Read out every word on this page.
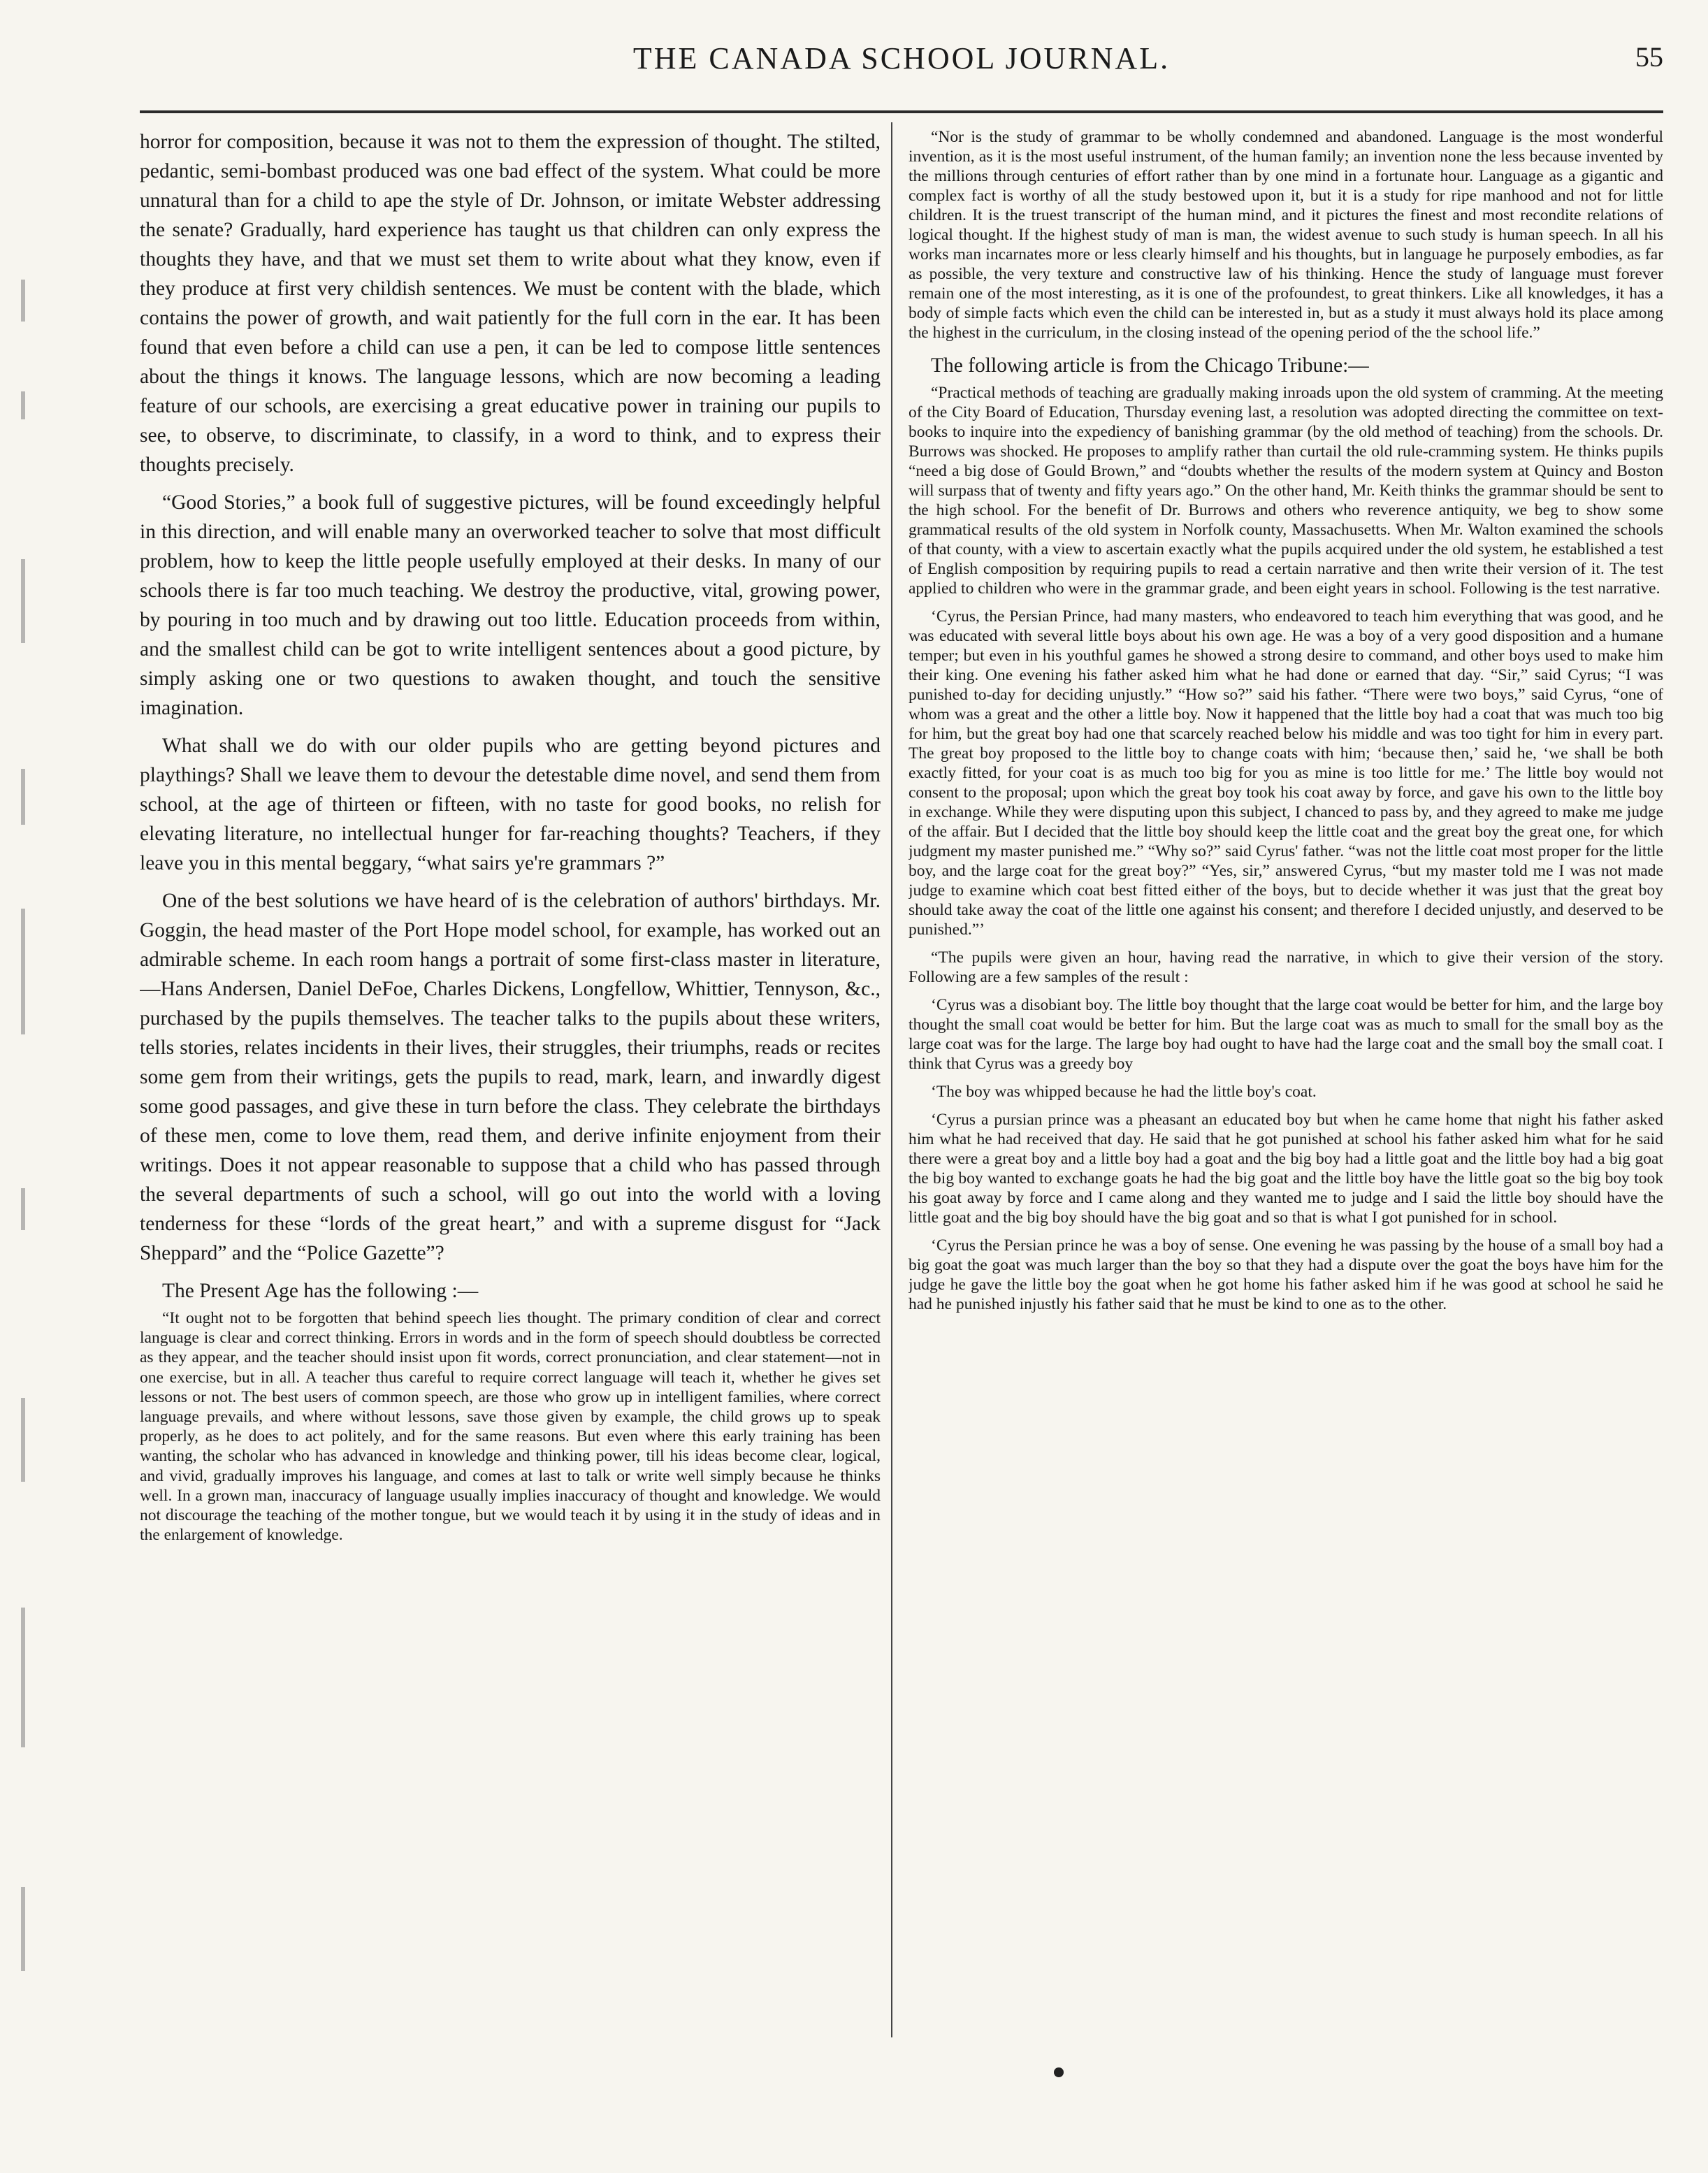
THE CANADA SCHOOL JOURNAL.	55

horror for composition, because it was not to them the expression of thought. The stilted, pedantic, semi-bombast produced was one bad effect of the system. What could be more unnatural than for a child to ape the style of Dr. Johnson, or imitate Webster addressing the senate? Gradually, hard experience has taught us that children can only express the thoughts they have, and that we must set them to write about what they know, even if they produce at first very childish sentences. We must be content with the blade, which contains the power of growth, and wait patiently for the full corn in the ear. It has been found that even before a child can use a pen, it can be led to compose little sentences about the things it knows. The language lessons, which are now becoming a leading feature of our schools, are exercising a great educative power in training our pupils to see, to observe, to discriminate, to classify, in a word to think, and to express their thoughts precisely.

“Good Stories,” a book full of suggestive pictures, will be found exceedingly helpful in this direction, and will enable many an overworked teacher to solve that most difficult problem, how to keep the little people usefully employed at their desks. In many of our schools there is far too much teaching. We destroy the productive, vital, growing power, by pouring in too much and by drawing out too little. Education proceeds from within, and the smallest child can be got to write intelligent sentences about a good picture, by simply asking one or two questions to awaken thought, and touch the sensitive imagination.

What shall we do with our older pupils who are getting beyond pictures and playthings? Shall we leave them to devour the detestable dime novel, and send them from school, at the age of thirteen or fifteen, with no taste for good books, no relish for elevating literature, no intellectual hunger for far-reaching thoughts? Teachers, if they leave you in this mental beggary, “what sairs ye're grammars ?”

One of the best solutions we have heard of is the celebration of authors' birthdays. Mr. Goggin, the head master of the Port Hope model school, for example, has worked out an admirable scheme. In each room hangs a portrait of some first-class master in literature,—Hans Andersen, Daniel DeFoe, Charles Dickens, Longfellow, Whittier, Tennyson, &c., purchased by the pupils themselves. The teacher talks to the pupils about these writers, tells stories, relates incidents in their lives, their struggles, their triumphs, reads or recites some gem from their writings, gets the pupils to read, mark, learn, and inwardly digest some good passages, and give these in turn before the class. They celebrate the birthdays of these men, come to love them, read them, and derive infinite enjoyment from their writings. Does it not appear reasonable to suppose that a child who has passed through the several departments of such a school, will go out into the world with a loving tenderness for these “lords of the great heart,” and with a supreme disgust for “Jack Sheppard” and the “Police Gazette”?

The Present Age has the following :—

“It ought not to be forgotten that behind speech lies thought. The primary condition of clear and correct language is clear and correct thinking. Errors in words and in the form of speech should doubtless be corrected as they appear, and the teacher should insist upon fit words, correct pronunciation, and clear statement—not in one exercise, but in all. A teacher thus careful to require correct language will teach it, whether he gives set lessons or not. The best users of common speech, are those who grow up in intelligent families, where correct language prevails, and where without lessons, save those given by example, the child grows up to speak properly, as he does to act politely, and for the same reasons. But even where this early training has been wanting, the scholar who has advanced in knowledge and thinking power, till his ideas become clear, logical, and vivid, gradually improves his language, and comes at last to talk or write well simply because he thinks well. In a grown man, inaccuracy of language usually implies inaccuracy of thought and knowledge. We would not discourage the teaching of the mother tongue, but we would teach it by using it in the study of ideas and in the enlargement of knowledge.

“Nor is the study of grammar to be wholly condemned and abandoned. Language is the most wonderful invention, as it is the most useful instrument, of the human family; an invention none the less because invented by the millions through centuries of effort rather than by one mind in a fortunate hour. Language as a gigantic and complex fact is worthy of all the study bestowed upon it, but it is a study for ripe manhood and not for little children. It is the truest transcript of the human mind, and it pictures the finest and most recondite relations of logical thought. If the highest study of man is man, the widest avenue to such study is human speech. In all his works man incarnates more or less clearly himself and his thoughts, but in language he purposely embodies, as far as possible, the very texture and constructive law of his thinking. Hence the study of language must forever remain one of the most interesting, as it is one of the profoundest, to great thinkers. Like all knowledges, it has a body of simple facts which even the child can be interested in, but as a study it must always hold its place among the highest in the curriculum, in the closing instead of the opening period of the the school life.”

The following article is from the Chicago Tribune:—

“Practical methods of teaching are gradually making inroads upon the old system of cramming. At the meeting of the City Board of Education, Thursday evening last, a resolution was adopted directing the committee on text-books to inquire into the expediency of banishing grammar (by the old method of teaching) from the schools. Dr. Burrows was shocked. He proposes to amplify rather than curtail the old rule-cramming system. He thinks pupils “need a big dose of Gould Brown,” and “doubts whether the results of the modern system at Quincy and Boston will surpass that of twenty and fifty years ago.” On the other hand, Mr. Keith thinks the grammar should be sent to the high school. For the benefit of Dr. Burrows and others who reverence antiquity, we beg to show some grammatical results of the old system in Norfolk county, Massachusetts. When Mr. Walton examined the schools of that county, with a view to ascertain exactly what the pupils acquired under the old system, he established a test of English composition by requiring pupils to read a certain narrative and then write their version of it. The test applied to children who were in the grammar grade, and been eight years in school. Following is the test narrative.

‘Cyrus, the Persian Prince, had many masters, who endeavored to teach him everything that was good, and he was educated with several little boys about his own age. He was a boy of a very good disposition and a humane temper; but even in his youthful games he showed a strong desire to command, and other boys used to make him their king. One evening his father asked him what he had done or earned that day. “Sir,” said Cyrus; “I was punished to-day for deciding unjustly.” “How so?” said his father. “There were two boys,” said Cyrus, “one of whom was a great and the other a little boy. Now it happened that the little boy had a coat that was much too big for him, but the great boy had one that scarcely reached below his middle and was too tight for him in every part. The great boy proposed to the little boy to change coats with him; ‘because then,’ said he, ‘we shall be both exactly fitted, for your coat is as much too big for you as mine is too little for me.’ The little boy would not consent to the proposal; upon which the great boy took his coat away by force, and gave his own to the little boy in exchange. While they were disputing upon this subject, I chanced to pass by, and they agreed to make me judge of the affair. But I decided that the little boy should keep the little coat and the great boy the great one, for which judgment my master punished me.” “Why so?” said Cyrus' father. “was not the little coat most proper for the little boy, and the large coat for the great boy?” “Yes, sir,” answered Cyrus, “but my master told me I was not made judge to examine which coat best fitted either of the boys, but to decide whether it was just that the great boy should take away the coat of the little one against his consent; and therefore I decided unjustly, and deserved to be punished.”’

“The pupils were given an hour, having read the narrative, in which to give their version of the story. Following are a few samples of the result :

‘Cyrus was a disobiant boy. The little boy thought that the large coat would be better for him, and the large boy thought the small coat would be better for him. But the large coat was as much to small for the small boy as the large coat was for the large. The large boy had ought to have had the large coat and the small boy the small coat. I think that Cyrus was a greedy boy

‘The boy was whipped because he had the little boy's coat.

‘Cyrus a pursian prince was a pheasant an educated boy but when he came home that night his father asked him what he had received that day. He said that he got punished at school his father asked him what for he said there were a great boy and a little boy had a goat and the big boy had a little goat and the little boy had a big goat the big boy wanted to exchange goats he had the big goat and the little boy have the little goat so the big boy took his goat away by force and I came along and they wanted me to judge and I said the little boy should have the little goat and the big boy should have the big goat and so that is what I got punished for in school.

‘Cyrus the Persian prince he was a boy of sense. One evening he was passing by the house of a small boy had a big goat the goat was much larger than the boy so that they had a dispute over the goat the boys have him for the judge he gave the little boy the goat when he got home his father asked him if he was good at school he said he had he punished injustly his father said that he must be kind to one as to the other.
